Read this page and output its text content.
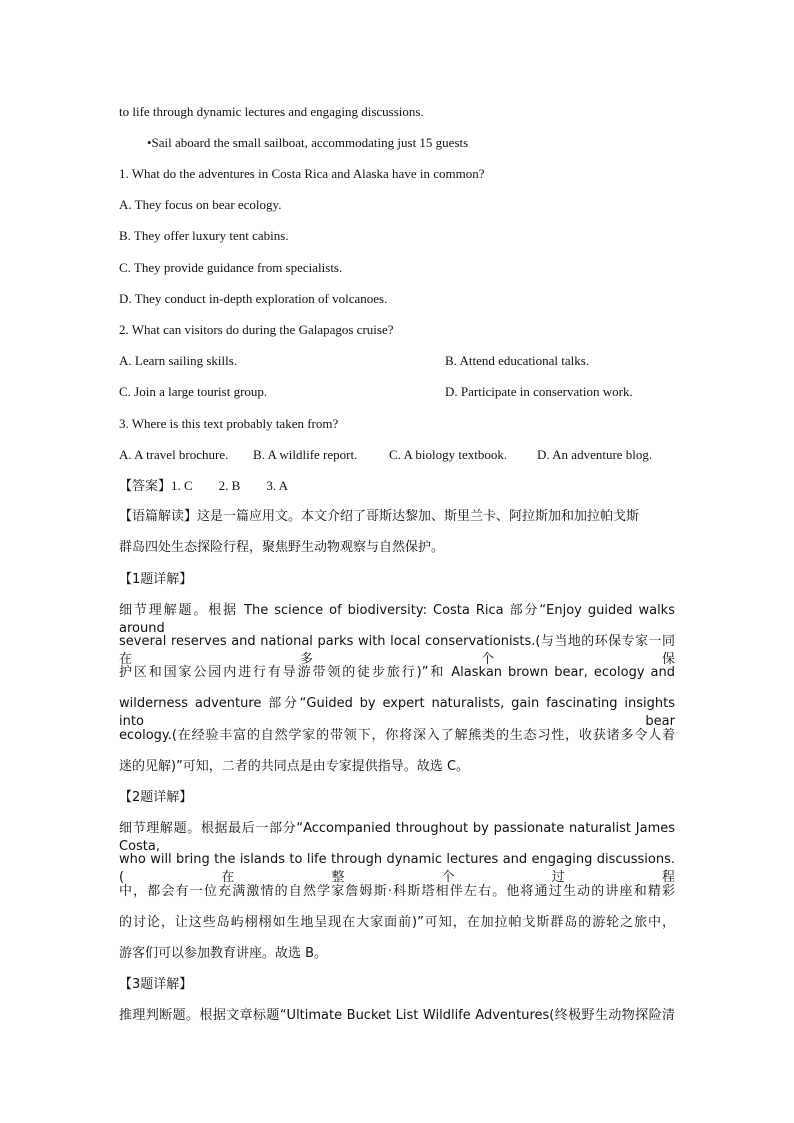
to life through dynamic lectures and engaging discussions.
•Sail aboard the small sailboat, accommodating just 15 guests
1. What do the adventures in Costa Rica and Alaska have in common?
A. They focus on bear ecology.
B. They offer luxury tent cabins.
C. They provide guidance from specialists.
D. They conduct in-depth exploration of volcanoes.
2. What can visitors do during the Galapagos cruise?
A. Learn sailing skills.	B. Attend educational talks.
C. Join a large tourist group.	D. Participate in conservation work.
3. Where is this text probably taken from?
A. A travel brochure. B. A wildlife report. C. A biology textbook. D. An adventure blog.
【答案】1. C　　2. B　　3. A
【语篇解读】这是一篇应用文。本文介绍了哥斯达黎加、斯里兰卡、阿拉斯加和加拉帕戈斯
群岛四处生态探险行程，聚焦野生动物观察与自然保护。
【1题详解】
细节理解题。根据 The science of biodiversity: Costa Rica 部分“Enjoy guided walks around
several reserves and national parks with local conservationists.(与当地的环保专家一同在多个保
护区和国家公园内进行有导游带领的徒步旅行)”和 Alaskan brown bear, ecology and
wilderness adventure 部分“Guided by expert naturalists, gain fascinating insights into bear
ecology.(在经验丰富的自然学家的带领下，你将深入了解熊类的生态习性，收获诸多令人着
迷的见解)”可知，二者的共同点是由专家提供指导。故选 C。
【2题详解】
细节理解题。根据最后一部分“Accompanied throughout by passionate naturalist James Costa,
who will bring the islands to life through dynamic lectures and engaging discussions.(在整个过程
中，都会有一位充满激情的自然学家詹姆斯·科斯塔相伴左右。他将通过生动的讲座和精彩
的讨论，让这些岛屿栩栩如生地呈现在大家面前)”可知，在加拉帕戈斯群岛的游轮之旅中，
游客们可以参加教育讲座。故选 B。
【3题详解】
推理判断题。根据文章标题“Ultimate Bucket List Wildlife Adventures(终极野生动物探险清
